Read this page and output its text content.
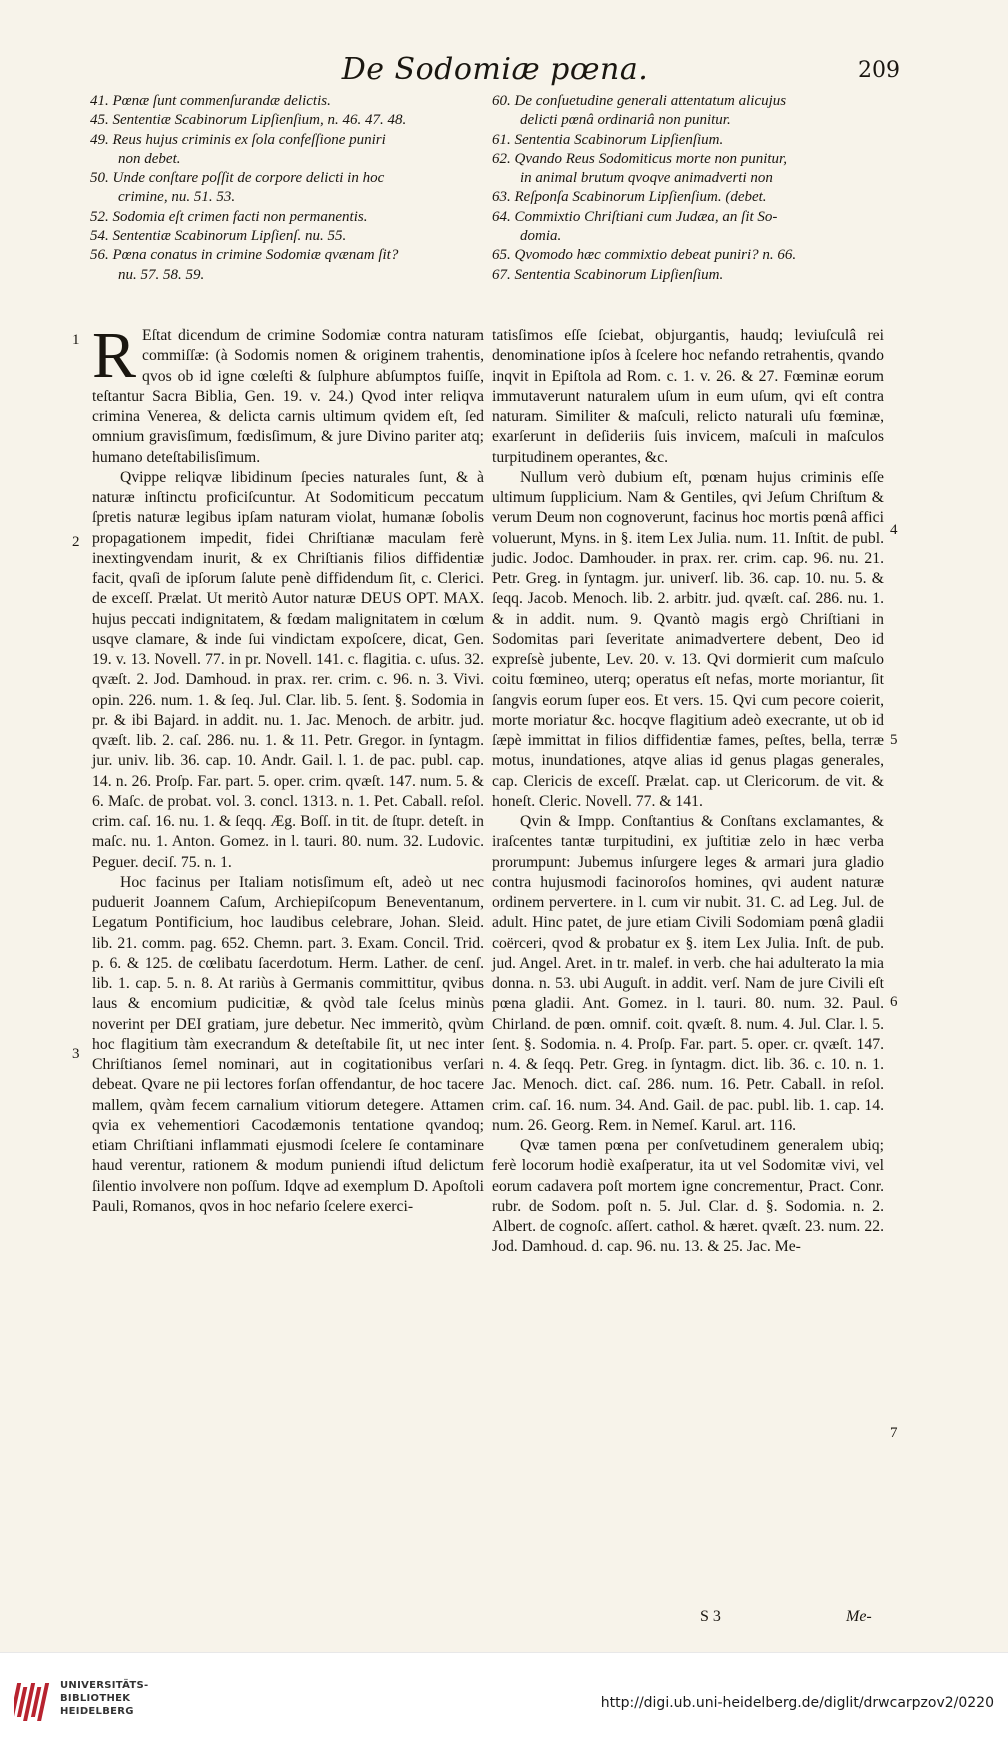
De Sodomiæ pœna.	209
41. Pœnæ ſunt commenſurandæ delictis.
45. Sententiæ Scabinorum Lipſienſium, n. 46. 47. 48.
49. Reus hujus criminis ex ſola confeſſione puniri
non debet.
50. Unde conſtare poſſit de corpore delicti in hoc
crimine, nu. 51. 53.
52. Sodomia eſt crimen facti non permanentis.
54. Sententiæ Scabinorum Lipſienſ. nu. 55.
56. Pœna conatus in crimine Sodomiæ qvænam ſit?
nu. 57. 58. 59.
60. De conſuetudine generali attentatum alicujus
delicti pœnâ ordinariâ non punitur.
61. Sententia Scabinorum Lipſienſium.
62. Qvando Reus Sodomiticus morte non punitur,
in animal brutum qvoqve animadverti non
63. Reſponſa Scabinorum Lipſienſium. (debet.
64. Commixtio Chriſtiani cum Judæa, an ſit So-
domia.
65. Qvomodo hæc commixtio debeat puniri? n. 66.
67. Sententia Scabinorum Lipſienſium.

R Eſtat dicendum de crimine Sodomiæ contra naturam commiſſæ: (à Sodomis nomen & originem trahentis, qvos ob id igne cœleſti & ſulphure abſumptos fuiſſe, teſtantur Sacra Biblia, Gen. 19. v. 24.) Qvod inter reliqva crimina Venerea, & delicta carnis ultimum qvidem eſt, ſed omnium gravisſimum, fœdisſimum, & jure Divino pariter atq; humano deteſtabilisſimum.

Qvippe reliqvæ libidinum ſpecies naturales ſunt, & à naturæ inſtinctu proficiſcuntur. At Sodomiticum peccatum ſpretis naturæ legibus ipſam naturam violat, humanæ ſobolis propagationem impedit, fidei Chriſtianæ maculam ferè inextingvendam inurit, & ex Chriſtianis filios diffidentiæ facit, qvaſi de ipſorum ſalute penè diffidendum ſit, c. Clerici. de exceſſ. Prælat. Ut meritò Autor naturæ DEUS OPT. MAX. hujus peccati indignitatem, & fœdam malignitatem in cœlum usqve clamare, & inde ſui vindictam expoſcere, dicat, Gen. 19. v. 13. Novell. 77. in pr. Novell. 141. c. flagitia. c. uſus. 32. qvæſt. 2. Jod. Damhoud. in prax. rer. crim. c. 96. n. 3. Vivi. opin. 226. num. 1. & ſeq. Jul. Clar. lib. 5. ſent. §. Sodomia in pr. & ibi Bajard. in addit. nu. 1. Jac. Menoch. de arbitr. jud. qvæſt. lib. 2. caſ. 286. nu. 1. & 11. Petr. Gregor. in ſyntagm. jur. univ. lib. 36. cap. 10. Andr. Gail. l. 1. de pac. publ. cap. 14. n. 26. Proſp. Far. part. 5. oper. crim. qvæſt. 147. num. 5. & 6. Maſc. de probat. vol. 3. concl. 1313. n. 1. Pet. Caball. reſol. crim. caſ. 16. nu. 1. & ſeqq. Æg. Boſſ. in tit. de ſtupr. deteſt. in maſc. nu. 1. Anton. Gomez. in l. tauri. 80. num. 32. Ludovic. Peguer. deciſ. 75. n. 1.

Hoc facinus per Italiam notisſimum eſt, adeò ut nec puduerit Joannem Caſum, Archiepiſcopum Beneventanum, Legatum Pontificium, hoc laudibus celebrare, Johan. Sleid. lib. 21. comm. pag. 652. Chemn. part. 3. Exam. Concil. Trid. p. 6. & 125. de cœlibatu ſacerdotum. Herm. Lather. de cenſ. lib. 1. cap. 5. n. 8. At rariùs à Germanis committitur, qvibus laus & encomium pudicitiæ, & qvòd tale ſcelus minùs noverint per DEI gratiam, jure debetur. Nec immeritò, qvùm hoc flagitium tàm execrandum & deteſtabile ſit, ut nec inter Chriſtianos ſemel nominari, aut in cogitationibus verſari debeat. Qvare ne pii lectores forſan offendantur, de hoc tacere mallem, qvàm fecem carnalium vitiorum detegere. Attamen qvia ex vehementiori Cacodæmonis tentatione qvandoq; etiam Chriſtiani inflammati ejusmodi ſcelere ſe contaminare haud verentur, rationem & modum puniendi iſtud delictum ſilentio involvere non poſſum. Idqve ad exemplum D. Apoſtoli Pauli, Romanos, qvos in hoc nefario ſcelere exerci-

tatisſimos eſſe ſciebat, objurgantis, haudq; leviuſculâ rei denominatione ipſos à ſcelere hoc nefando retrahentis, qvando inqvit in Epiſtola ad Rom. c. 1. v. 26. & 27. Fœminæ eorum immutaverunt naturalem uſum in eum uſum, qvi eſt contra naturam. Similiter & maſculi, relicto naturali uſu fœminæ, exarſerunt in deſideriis ſuis invicem, maſculi in maſculos turpitudinem operantes, &c.

Nullum verò dubium eſt, pœnam hujus criminis eſſe ultimum ſupplicium. Nam & Gentiles, qvi Jeſum Chriſtum & verum Deum non cognoverunt, facinus hoc mortis pœnâ affici voluerunt, Myns. in §. item Lex Julia. num. 11. Inſtit. de publ. judic. Jodoc. Damhouder. in prax. rer. crim. cap. 96. nu. 21. Petr. Greg. in ſyntagm. jur. univerſ. lib. 36. cap. 10. nu. 5. & ſeqq. Jacob. Menoch. lib. 2. arbitr. jud. qvæſt. caſ. 286. nu. 1. & in addit. num. 9. Qvantò magis ergò Chriſtiani in Sodomitas pari ſeveritate animadvertere debent, Deo id expreſsè jubente, Lev. 20. v. 13. Qvi dormierit cum maſculo coitu fœmineo, uterq; operatus eſt nefas, morte moriantur, ſit ſangvis eorum ſuper eos. Et vers. 15. Qvi cum pecore coierit, morte moriatur &c. hocqve flagitium adeò execrante, ut ob id ſæpè immittat in filios diffidentiæ fames, peſtes, bella, terræ motus, inundationes, atqve alias id genus plagas generales, cap. Clericis de exceſſ. Prælat. cap. ut Clericorum. de vit. & honeſt. Cleric. Novell. 77. & 141.

Qvin & Impp. Conſtantius & Conſtans exclamantes, & iraſcentes tantæ turpitudini, ex juſtitiæ zelo in hæc verba prorumpunt: Jubemus inſurgere leges & armari jura gladio contra hujusmodi facinoroſos homines, qvi audent naturæ ordinem pervertere. in l. cum vir nubit. 31. C. ad Leg. Jul. de adult. Hinc patet, de jure etiam Civili Sodomiam pœnâ gladii coërceri, qvod & probatur ex §. item Lex Julia. Inſt. de pub. jud. Angel. Aret. in tr. malef. in verb. che hai adulterato la mia donna. n. 53. ubi Auguſt. in addit. verſ. Nam de jure Civili eſt pœna gladii. Ant. Gomez. in l. tauri. 80. num. 32. Paul. Chirland. de pœn. omnif. coit. qvæſt. 8. num. 4. Jul. Clar. l. 5. ſent. §. Sodomia. n. 4. Proſp. Far. part. 5. oper. cr. qvæſt. 147. n. 4. & ſeqq. Petr. Greg. in ſyntagm. dict. lib. 36. c. 10. n. 1. Jac. Menoch. dict. caſ. 286. num. 16. Petr. Caball. in reſol. crim. caſ. 16. num. 34. And. Gail. de pac. publ. lib. 1. cap. 14. num. 26. Georg. Rem. in Nemeſ. Karul. art. 116.

Qvæ tamen pœna per conſvetudinem generalem ubiq; ferè locorum hodiè exaſperatur, ita ut vel Sodomitæ vivi, vel eorum cadavera poſt mortem igne concrementur, Pract. Conr. rubr. de Sodom. poſt n. 5. Jul. Clar. d. §. Sodomia. n. 2. Albert. de cognoſc. aſſert. cathol. & hæret. qvæſt. 23. num. 22. Jod. Damhoud. d. cap. 96. nu. 13. & 25. Jac. Me-

1
2
3
4
5
6
7
S 3	Me-
UNIVERSITÄTS-
BIBLIOTHEK
HEIDELBERG
http://digi.ub.uni-heidelberg.de/diglit/drwcarpzov2/0220
